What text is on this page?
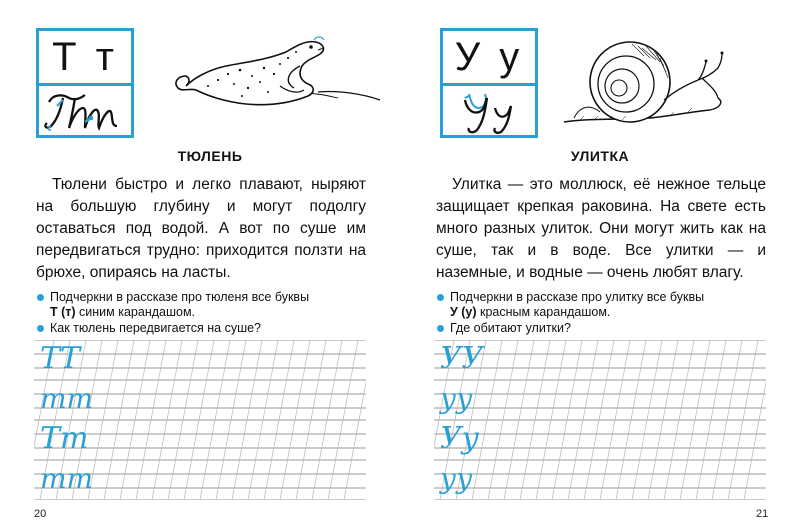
Т т
ТЮЛЕНЬ

Тюлени быстро и легко плавают, ныряют на большую глубину и могут подолгу оставаться под водой. А вот по суше им передвигаться трудно: приходится ползти на брюхе, опираясь на ласты.

Подчеркни в рассказе про тюленя все буквы
Т (т) синим карандашом.
Как тюлень передвигается на суше?
ТТ
тт
Тт
тт
20
У у
УЛИТКА

Улитка — это моллюск, её нежное тельце защищает крепкая раковина. На свете есть много разных улиток. Они могут жить как на суше, так и в воде. Все улитки — и наземные, и водные — очень любят влагу.

Подчеркни в рассказе про улитку все буквы
У (у) красным карандашом.
Где обитают улитки?
УУ
уу
Уу
уу
21
